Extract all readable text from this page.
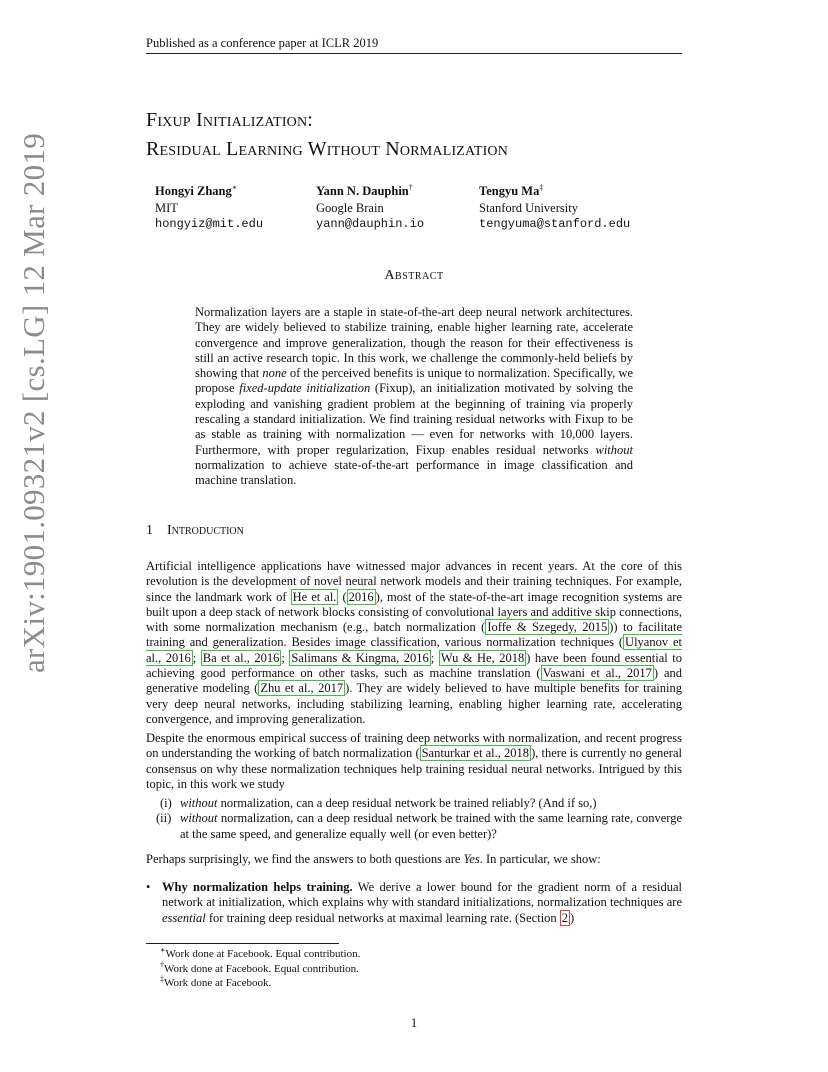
Published as a conference paper at ICLR 2019
Fixup Initialization:
Residual Learning Without Normalization
Hongyi Zhang∗
MIT
hongyiz@mit.edu
Yann N. Dauphin†
Google Brain
yann@dauphin.io
Tengyu Ma‡
Stanford University
tengyuma@stanford.edu
Abstract
Normalization layers are a staple in state-of-the-art deep neural network architectures. They are widely believed to stabilize training, enable higher learning rate, accelerate convergence and improve generalization, though the reason for their effectiveness is still an active research topic. In this work, we challenge the commonly-held beliefs by showing that none of the perceived benefits is unique to normalization. Specifically, we propose fixed-update initialization (Fixup), an initialization motivated by solving the exploding and vanishing gradient problem at the beginning of training via properly rescaling a standard initialization. We find training residual networks with Fixup to be as stable as training with normalization — even for networks with 10,000 layers. Furthermore, with proper regularization, Fixup enables residual networks without normalization to achieve state-of-the-art performance in image classification and machine translation.
1 Introduction
Artificial intelligence applications have witnessed major advances in recent years. At the core of this revolution is the development of novel neural network models and their training techniques. For example, since the landmark work of He et al. ( 2016 ), most of the state-of-the-art image recognition systems are built upon a deep stack of network blocks consisting of convolutional layers and additive skip connections, with some normalization mechanism (e.g., batch normalization ( Ioffe & Szegedy, 2015 )) to facilitate training and generalization. Besides image classification, various normalization techniques ( Ulyanov et al., 2016 ; Ba et al., 2016 ; Salimans & Kingma, 2016 ; Wu & He, 2018 ) have been found essential to achieving good performance on other tasks, such as machine translation ( Vaswani et al., 2017 ) and generative modeling ( Zhu et al., 2017 ). They are widely believed to have multiple benefits for training very deep neural networks, including stabilizing learning, enabling higher learning rate, accelerating convergence, and improving generalization.
Despite the enormous empirical success of training deep networks with normalization, and recent progress on understanding the working of batch normalization ( Santurkar et al., 2018 ), there is currently no general consensus on why these normalization techniques help training residual neural networks. Intrigued by this topic, in this work we study
(i) without normalization, can a deep residual network be trained reliably? (And if so,)
(ii) without normalization, can a deep residual network be trained with the same learning rate, converge at the same speed, and generalize equally well (or even better)?
Perhaps surprisingly, we find the answers to both questions are Yes. In particular, we show:
• Why normalization helps training. We derive a lower bound for the gradient norm of a residual network at initialization, which explains why with standard initializations, normalization techniques are essential for training deep residual networks at maximal learning rate. (Section 2 )
∗Work done at Facebook. Equal contribution.
†Work done at Facebook. Equal contribution.
‡Work done at Facebook.
1
arXiv:1901.09321v2 [cs.LG] 12 Mar 2019
